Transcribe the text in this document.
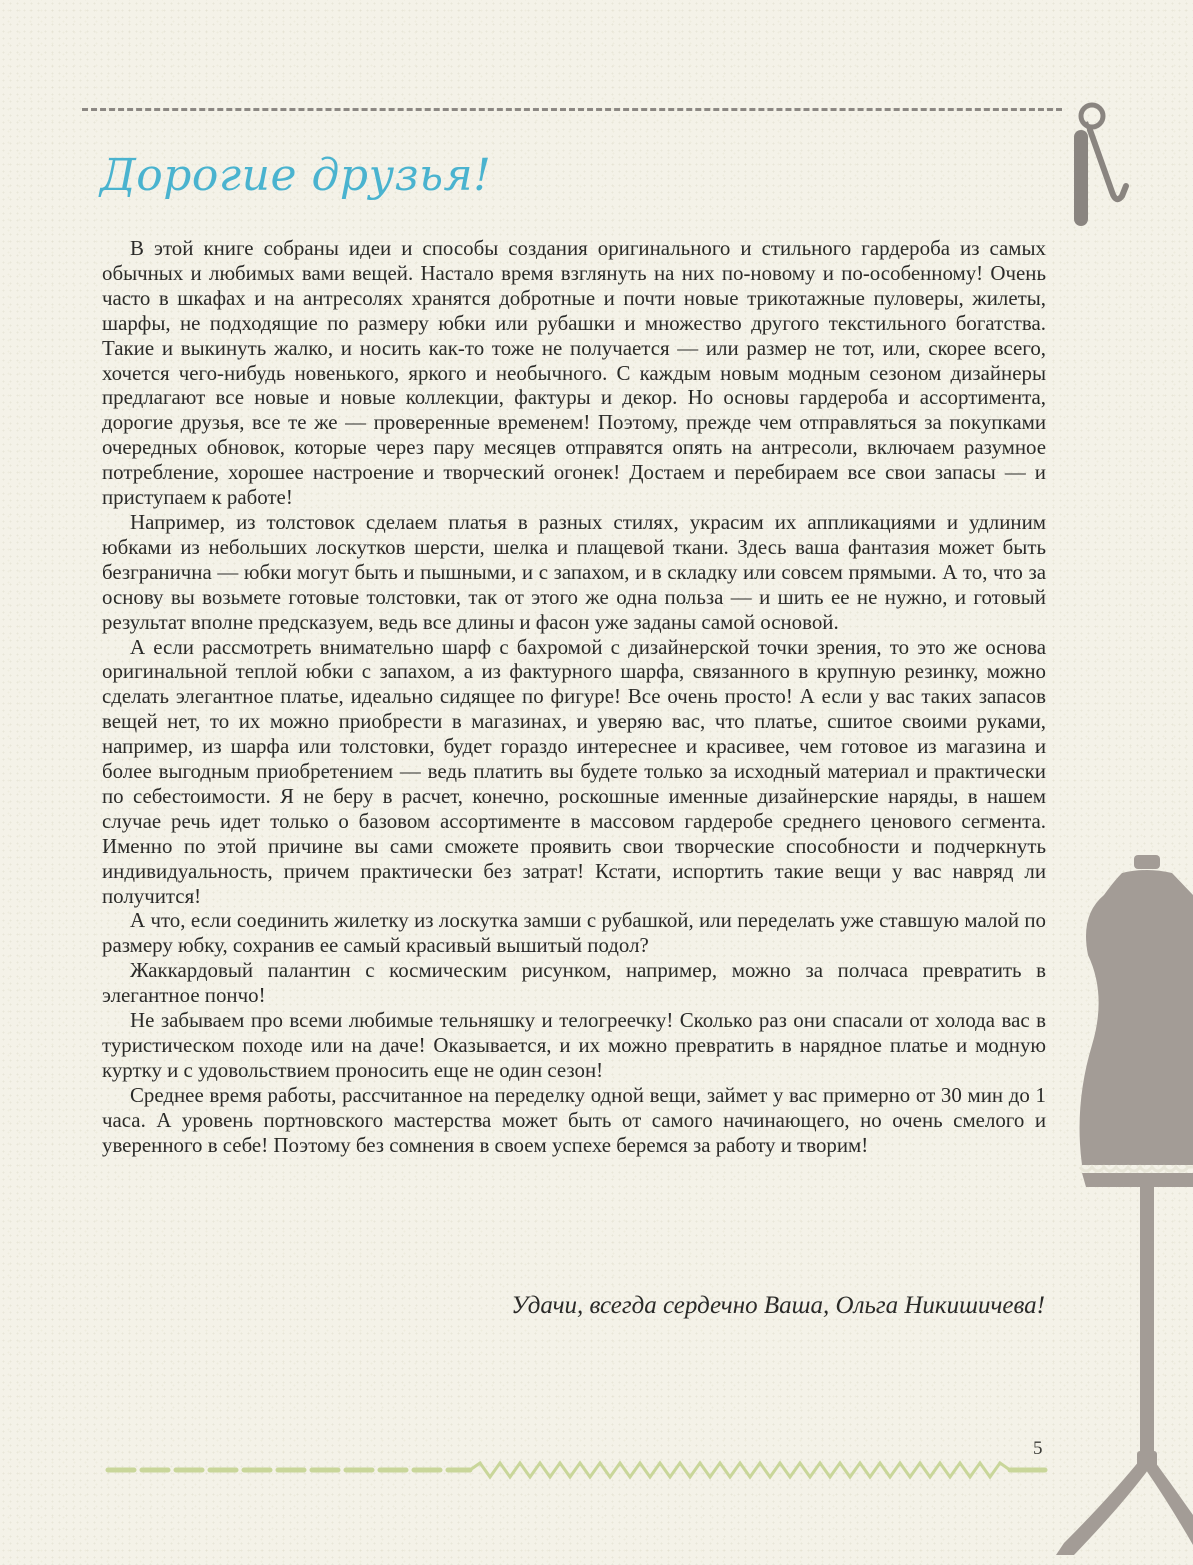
Дорогие друзья!

В этой книге собраны идеи и способы создания оригинального и стильного гардероба из самых обычных и любимых вами вещей. Настало время взглянуть на них по-новому и по-особенному! Очень часто в шкафах и на антресолях хранятся добротные и почти новые трикотажные пуловеры, жилеты, шарфы, не подходящие по размеру юбки или рубашки и множество другого текстильного богатства. Такие и выкинуть жалко, и носить как-то тоже не получается — или размер не тот, или, скорее всего, хочется чего-нибудь новенького, яркого и необычного. С каждым новым модным сезоном дизайнеры предлагают все новые и новые коллекции, фактуры и декор. Но основы гардероба и ассортимента, дорогие друзья, все те же — проверенные временем! Поэтому, прежде чем отправляться за покупками очередных обновок, которые через пару месяцев отправятся опять на антресоли, включаем разумное потребление, хорошее настроение и творческий огонек! Достаем и перебираем все свои запасы — и приступаем к работе!

Например, из толстовок сделаем платья в разных стилях, украсим их аппликациями и удлиним юбками из небольших лоскутков шерсти, шелка и плащевой ткани. Здесь ваша фантазия может быть безгранична — юбки могут быть и пышными, и с запахом, и в складку или совсем прямыми. А то, что за основу вы возьмете готовые толстовки, так от этого же одна польза — и шить ее не нужно, и готовый результат вполне предсказуем, ведь все длины и фасон уже заданы самой основой.

А если рассмотреть внимательно шарф с бахромой с дизайнерской точки зрения, то это же основа оригинальной теплой юбки с запахом, а из фактурного шарфа, связанного в крупную резинку, можно сделать элегантное платье, идеально сидящее по фигуре! Все очень просто! А если у вас таких запасов вещей нет, то их можно приобрести в магазинах, и уверяю вас, что платье, сшитое своими руками, например, из шарфа или толстовки, будет гораздо интереснее и красивее, чем готовое из магазина и более выгодным приобретением — ведь платить вы будете только за исходный материал и практически по себестоимости. Я не беру в расчет, конечно, роскошные именные дизайнерские наряды, в нашем случае речь идет только о базовом ассортименте в массовом гардеробе среднего ценового сегмента. Именно по этой причине вы сами сможете проявить свои творческие способности и подчеркнуть индивидуальность, причем практически без затрат! Кстати, испортить такие вещи у вас навряд ли получится!

А что, если соединить жилетку из лоскутка замши с рубашкой, или переделать уже ставшую малой по размеру юбку, сохранив ее самый красивый вышитый подол?

Жаккардовый палантин с космическим рисунком, например, можно за полчаса превратить в элегантное пончо!

Не забываем про всеми любимые тельняшку и телогреечку! Сколько раз они спасали от холода вас в туристическом походе или на даче! Оказывается, и их можно превратить в нарядное платье и модную куртку и с удовольствием проносить еще не один сезон!

Среднее время работы, рассчитанное на переделку одной вещи, займет у вас примерно от 30 мин до 1 часа. А уровень портновского мастерства может быть от самого начинающего, но очень смелого и уверенного в себе! Поэтому без сомнения в своем успехе беремся за работу и творим!

Удачи, всегда сердечно Ваша, Ольга Никишичева!
5
